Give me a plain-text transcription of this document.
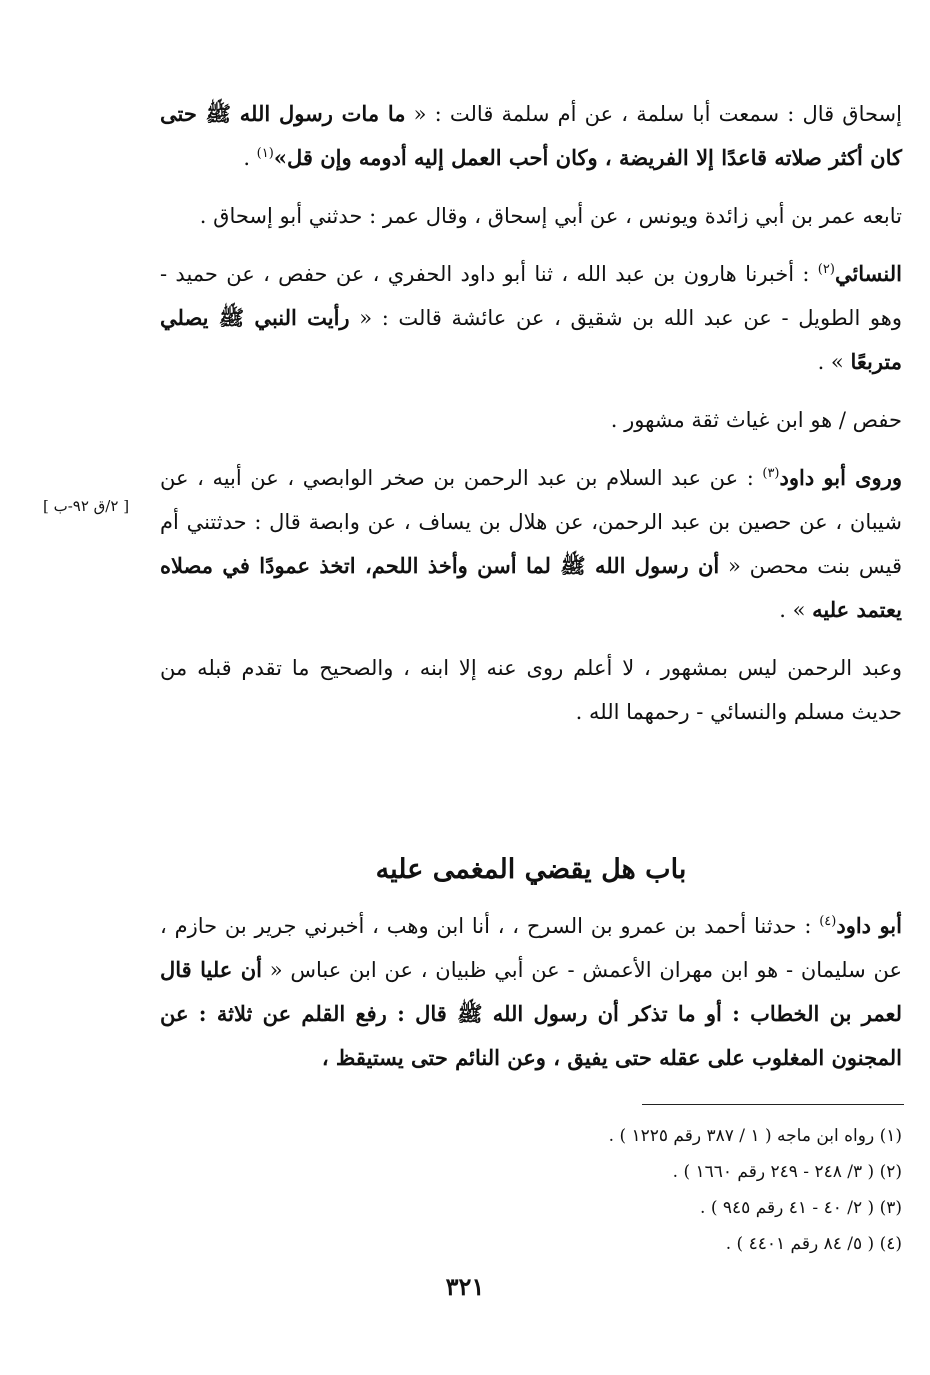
إسحاق قال : سمعت أبا سلمة ، عن أم سلمة قالت : « ما مات رسول الله ﷺ حتى كان أكثر صلاته قاعدًا إلا الفريضة ، وكان أحب العمل إليه أدومه وإن قل»$^{(١)}$ .

تابعه عمر بن أبي زائدة ويونس ، عن أبي إسحاق ، وقال عمر : حدثني أبو إسحاق .

النسائي$^{(٢)}$ : أخبرنا هارون بن عبد الله ، ثنا أبو داود الحفري ، عن حفص ، عن حميد - وهو الطويل - عن عبد الله بن شقيق ، عن عائشة قالت : « رأيت النبي ﷺ يصلي متربعًا » .

حفص / هو ابن غياث ثقة مشهور .

وروى أبو داود$^{(٣)}$ : عن عبد السلام بن عبد الرحمن بن صخر الوابصي ، عن أبيه ، عن شيبان ، عن حصين بن عبد الرحمن، عن هلال بن يساف ، عن وابصة قال : حدثتني أم قيس بنت محصن « أن رسول الله ﷺ لما أسن وأخذ اللحم، اتخذ عمودًا في مصلاه يعتمد عليه » .

وعبد الرحمن ليس بمشهور ، لا أعلم روى عنه إلا ابنه ، والصحيح ما تقدم قبله من حديث مسلم والنسائي - رحمهما الله .

[ ٢/ق ٩٢-ب ]
باب هل يقضي المغمى عليه

أبو داود$^{(٤)}$ : حدثنا أحمد بن عمرو بن السرح ، ، أنا ابن وهب ، أخبرني جرير بن حازم ، عن سليمان - هو ابن مهران الأعمش - عن أبي ظبيان ، عن ابن عباس « أن عليا قال لعمر بن الخطاب : أو ما تذكر أن رسول الله ﷺ قال : رفع القلم عن ثلاثة : عن المجنون المغلوب على عقله حتى يفيق ، وعن النائم حتى يستيقظ ،

(١) رواه ابن ماجه ( ١ / ٣٨٧ رقم ١٢٢٥ ) .
(٢) ( ٣/ ٢٤٨ - ٢٤٩ رقم ١٦٦٠ ) .
(٣) ( ٢/ ٤٠ - ٤١ رقم ٩٤٥ ) .
(٤) ( ٥/ ٨٤ رقم ٤٤٠١ ) .
٣٢١
